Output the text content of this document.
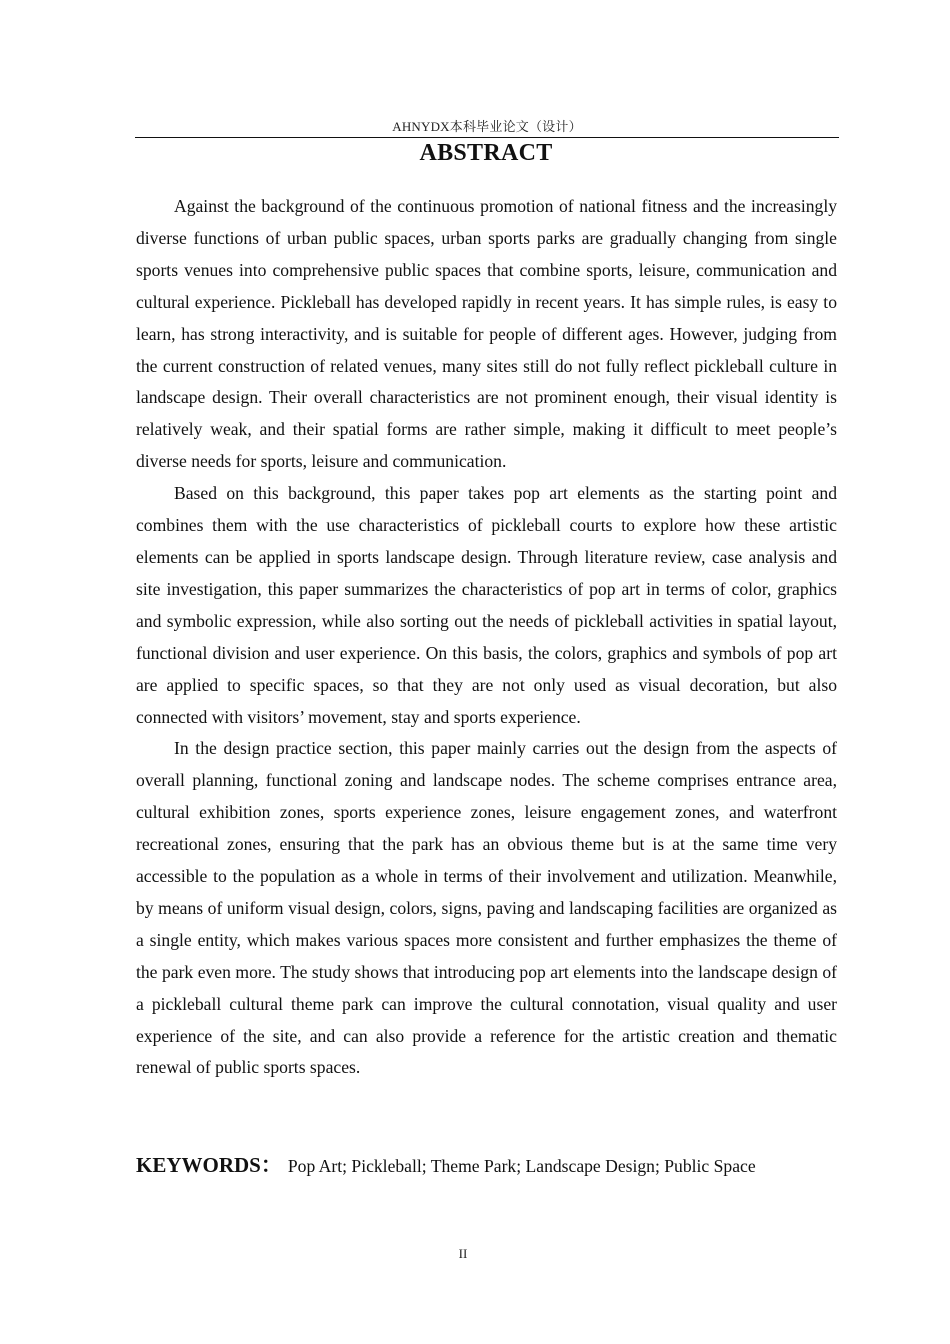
AHNYDX本科毕业论文（设计）
ABSTRACT

Against the background of the continuous promotion of national fitness and the increasingly diverse functions of urban public spaces, urban sports parks are gradually changing from single sports venues into comprehensive public spaces that combine sports, leisure, communication and cultural experience. Pickleball has developed rapidly in recent years. It has simple rules, is easy to learn, has strong interactivity, and is suitable for people of different ages. However, judging from the current construction of related venues, many sites still do not fully reflect pickleball culture in landscape design. Their overall characteristics are not prominent enough, their visual identity is relatively weak, and their spatial forms are rather simple, making it difficult to meet people’s diverse needs for sports, leisure and communication.

Based on this background, this paper takes pop art elements as the starting point and combines them with the use characteristics of pickleball courts to explore how these artistic elements can be applied in sports landscape design. Through literature review, case analysis and site investigation, this paper summarizes the characteristics of pop art in terms of color, graphics and symbolic expression, while also sorting out the needs of pickleball activities in spatial layout, functional division and user experience. On this basis, the colors, graphics and symbols of pop art are applied to specific spaces, so that they are not only used as visual decoration, but also connected with visitors’ movement, stay and sports experience.

In the design practice section, this paper mainly carries out the design from the aspects of overall planning, functional zoning and landscape nodes. The scheme comprises entrance area, cultural exhibition zones, sports experience zones, leisure engagement zones, and waterfront recreational zones, ensuring that the park has an obvious theme but is at the same time very accessible to the population as a whole in terms of their involvement and utilization. Meanwhile, by means of uniform visual design, colors, signs, paving and landscaping facilities are organized as a single entity, which makes various spaces more consistent and further emphasizes the theme of the park even more. The study shows that introducing pop art elements into the landscape design of a pickleball cultural theme park can improve the cultural connotation, visual quality and user experience of the site, and can also provide a reference for the artistic creation and thematic renewal of public sports spaces.

KEYWORDS： Pop Art; Pickleball; Theme Park; Landscape Design; Public Space
II
